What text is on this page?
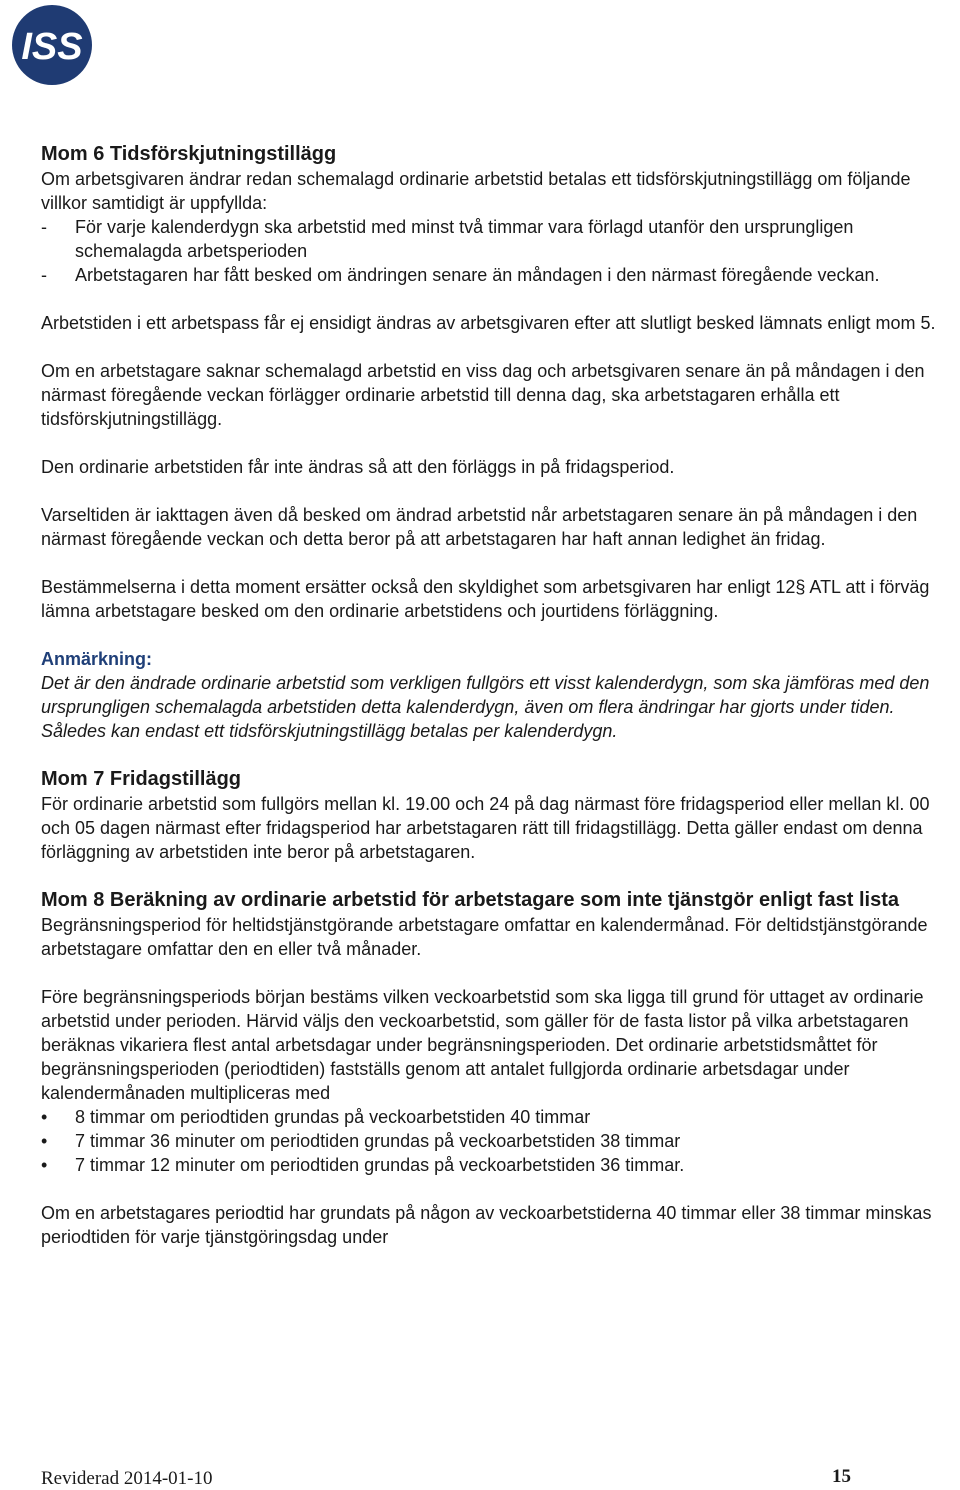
ISS
Mom 6 Tidsförskjutningstillägg

Om arbetsgivaren ändrar redan schemalagd ordinarie arbetstid betalas ett tidsförskjutningstillägg om följande villkor samtidigt är uppfyllda:

-	För varje kalenderdygn ska arbetstid med minst två timmar vara förlagd utanför den ursprungligen schemalagda arbetsperioden
-	Arbetstagaren har fått besked om ändringen senare än måndagen i den närmast föregående veckan.

Arbetstiden i ett arbetspass får ej ensidigt ändras av arbetsgivaren efter att slutligt besked lämnats enligt mom 5.

Om en arbetstagare saknar schemalagd arbetstid en viss dag och arbetsgivaren senare än på måndagen i den närmast föregående veckan förlägger ordinarie arbetstid till denna dag, ska arbetstagaren erhålla ett tidsförskjutningstillägg.

Den ordinarie arbetstiden får inte ändras så att den förläggs in på fridagsperiod.

Varseltiden är iakttagen även då besked om ändrad arbetstid når arbetstagaren senare än på måndagen i den närmast föregående veckan och detta beror på att arbetstagaren har haft annan ledighet än fridag.

Bestämmelserna i detta moment ersätter också den skyldighet som arbetsgivaren har enligt 12§ ATL att i förväg lämna arbetstagare besked om den ordinarie arbetstidens och jourtidens förläggning.

Anmärkning:

Det är den ändrade ordinarie arbetstid som verkligen fullgörs ett visst kalenderdygn, som ska jämföras med den ursprungligen schemalagda arbetstiden detta kalenderdygn, även om flera ändringar har gjorts under tiden. Således kan endast ett tidsförskjutningstillägg betalas per kalenderdygn.

Mom 7 Fridagstillägg

För ordinarie arbetstid som fullgörs mellan kl. 19.00 och 24 på dag närmast före fridagsperiod eller mellan kl. 00 och 05 dagen närmast efter fridagsperiod har arbetstagaren rätt till fridagstillägg. Detta gäller endast om denna förläggning av arbetstiden inte beror på arbetstagaren.

Mom 8 Beräkning av ordinarie arbetstid för arbetstagare som inte tjänstgör enligt fast lista

Begränsningsperiod för heltidstjänstgörande arbetstagare omfattar en kalendermånad. För deltidstjänstgörande arbetstagare omfattar den en eller två månader.

Före begränsningsperiods början bestäms vilken veckoarbetstid som ska ligga till grund för uttaget av ordinarie arbetstid under perioden. Härvid väljs den veckoarbetstid, som gäller för de fasta listor på vilka arbetstagaren beräknas vikariera flest antal arbetsdagar under begränsningsperioden. Det ordinarie arbetstidsmåttet för begränsningsperioden (periodtiden) fastställs genom att antalet fullgjorda ordinarie arbetsdagar under kalendermånaden multipliceras med

•	8 timmar om periodtiden grundas på veckoarbetstiden 40 timmar
•	7 timmar 36 minuter om periodtiden grundas på veckoarbetstiden 38 timmar
•	7 timmar 12 minuter om periodtiden grundas på veckoarbetstiden 36 timmar.

Om en arbetstagares periodtid har grundats på någon av veckoarbetstiderna 40 timmar eller 38 timmar minskas periodtiden för varje tjänstgöringsdag under

Reviderad 2014-01-10	15
